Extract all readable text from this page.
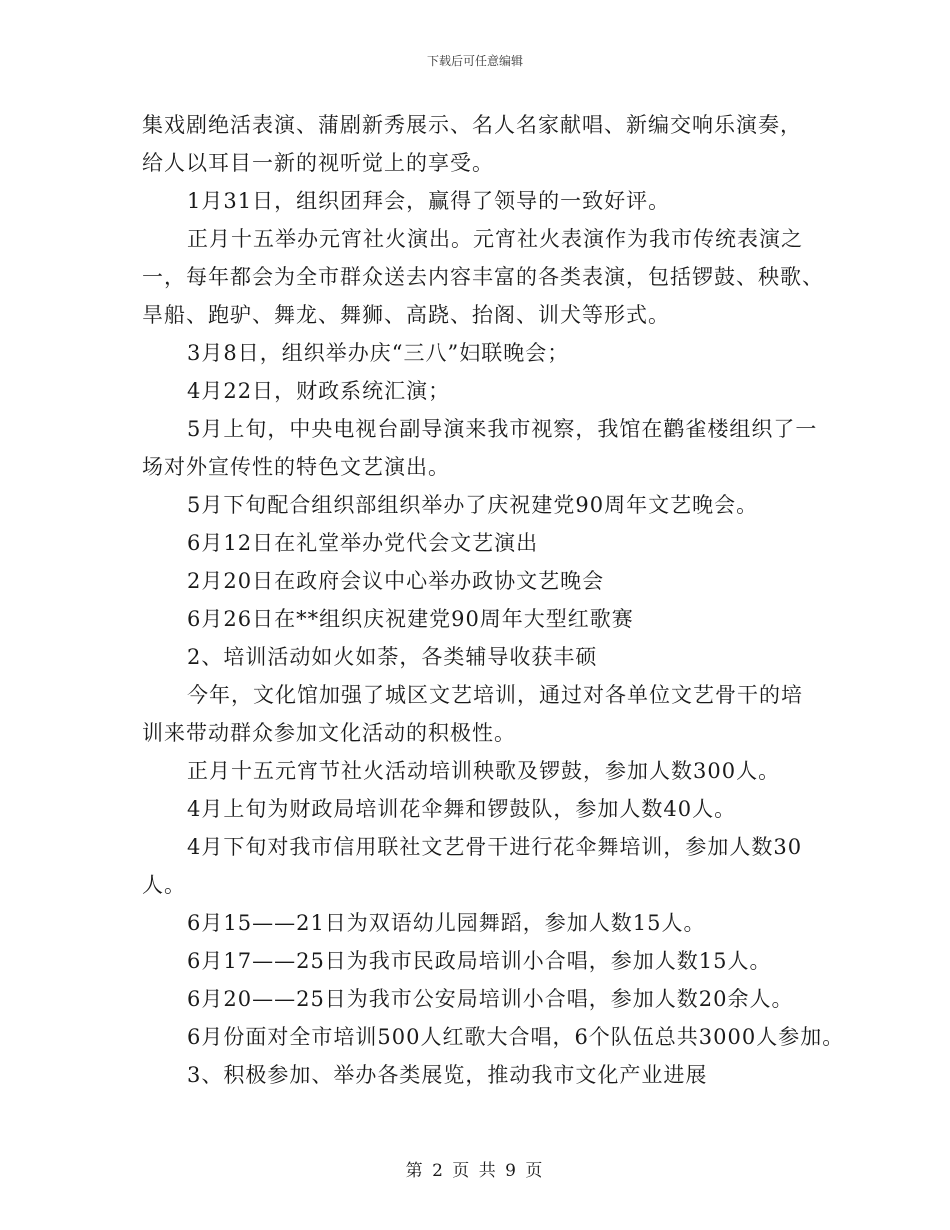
下载后可任意编辑

集戏剧绝活表演、蒲剧新秀展示、名人名家献唱、新编交响乐演奏，

给人以耳目一新的视听觉上的享受。

1月31日，组织团拜会，赢得了领导的一致好评。

正月十五举办元宵社火演出。元宵社火表演作为我市传统表演之

一，每年都会为全市群众送去内容丰富的各类表演，包括锣鼓、秧歌、

旱船、跑驴、舞龙、舞狮、高跷、抬阁、训犬等形式。

3月8日，组织举办庆“三八”妇联晚会；

4月22日，财政系统汇演；

5月上旬，中央电视台副导演来我市视察，我馆在鹳雀楼组织了一

场对外宣传性的特色文艺演出。

5月下旬配合组织部组织举办了庆祝建党90周年文艺晚会。

6月12日在礼堂举办党代会文艺演出

2月20日在政府会议中心举办政协文艺晚会

6月26日在**组织庆祝建党90周年大型红歌赛

2、培训活动如火如荼，各类辅导收获丰硕

今年，文化馆加强了城区文艺培训，通过对各单位文艺骨干的培

训来带动群众参加文化活动的积极性。

正月十五元宵节社火活动培训秧歌及锣鼓，参加人数300人。

4月上旬为财政局培训花伞舞和锣鼓队，参加人数40人。

4月下旬对我市信用联社文艺骨干进行花伞舞培训，参加人数30

人。

6月15——21日为双语幼儿园舞蹈，参加人数15人。

6月17——25日为我市民政局培训小合唱，参加人数15人。

6月20——25日为我市公安局培训小合唱，参加人数20余人。

6月份面对全市培训500人红歌大合唱，6个队伍总共3000人参加。

3、积极参加、举办各类展览，推动我市文化产业进展

第 2 页 共 9 页
